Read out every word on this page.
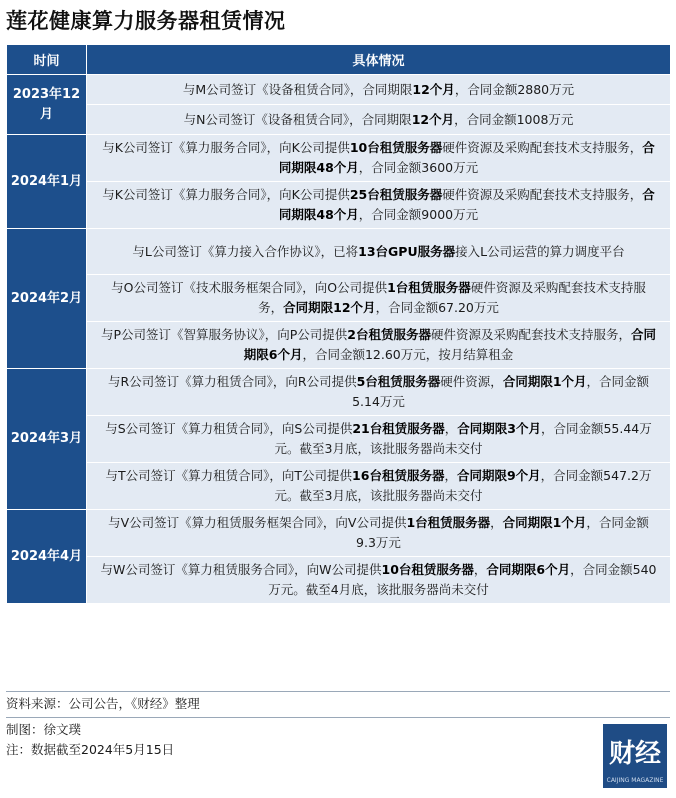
莲花健康算力服务器租赁情况
时间	具体情况
2023年12月	与M公司签订《设备租赁合同》，合同期限12个月，合同金额2880万元
	与N公司签订《设备租赁合同》，合同期限12个月，合同金额1008万元
2024年1月	与K公司签订《算力服务合同》，向K公司提供10台租赁服务器硬件资源及采购配套技术支持服务，合同期限48个月，合同金额3600万元
	与K公司签订《算力服务合同》，向K公司提供25台租赁服务器硬件资源及采购配套技术支持服务，合同期限48个月，合同金额9000万元
2024年2月	与L公司签订《算力接入合作协议》，已将13台GPU服务器接入L公司运营的算力调度平台
	与O公司签订《技术服务框架合同》，向O公司提供1台租赁服务器硬件资源及采购配套技术支持服务，合同期限12个月，合同金额67.20万元
	与P公司签订《智算服务协议》，向P公司提供2台租赁服务器硬件资源及采购配套技术支持服务，合同期限6个月，合同金额12.60万元，按月结算租金
2024年3月	与R公司签订《算力租赁合同》，向R公司提供5台租赁服务器硬件资源，合同期限1个月，合同金额5.14万元
	与S公司签订《算力租赁合同》，向S公司提供21台租赁服务器，合同期限3个月，合同金额55.44万元。截至3月底，该批服务器尚未交付
	与T公司签订《算力租赁合同》，向T公司提供16台租赁服务器，合同期限9个月，合同金额547.2万元。截至3月底，该批服务器尚未交付
2024年4月	与V公司签订《算力租赁服务框架合同》，向V公司提供1台租赁服务器，合同期限1个月，合同金额9.3万元
	与W公司签订《算力租赁服务合同》，向W公司提供10台租赁服务器，合同期限6个月，合同金额540万元。截至4月底，该批服务器尚未交付
资料来源：公司公告，《财经》整理
制图：徐文璞
注：数据截至2024年5月15日	财经
CAIJING MAGAZINE
